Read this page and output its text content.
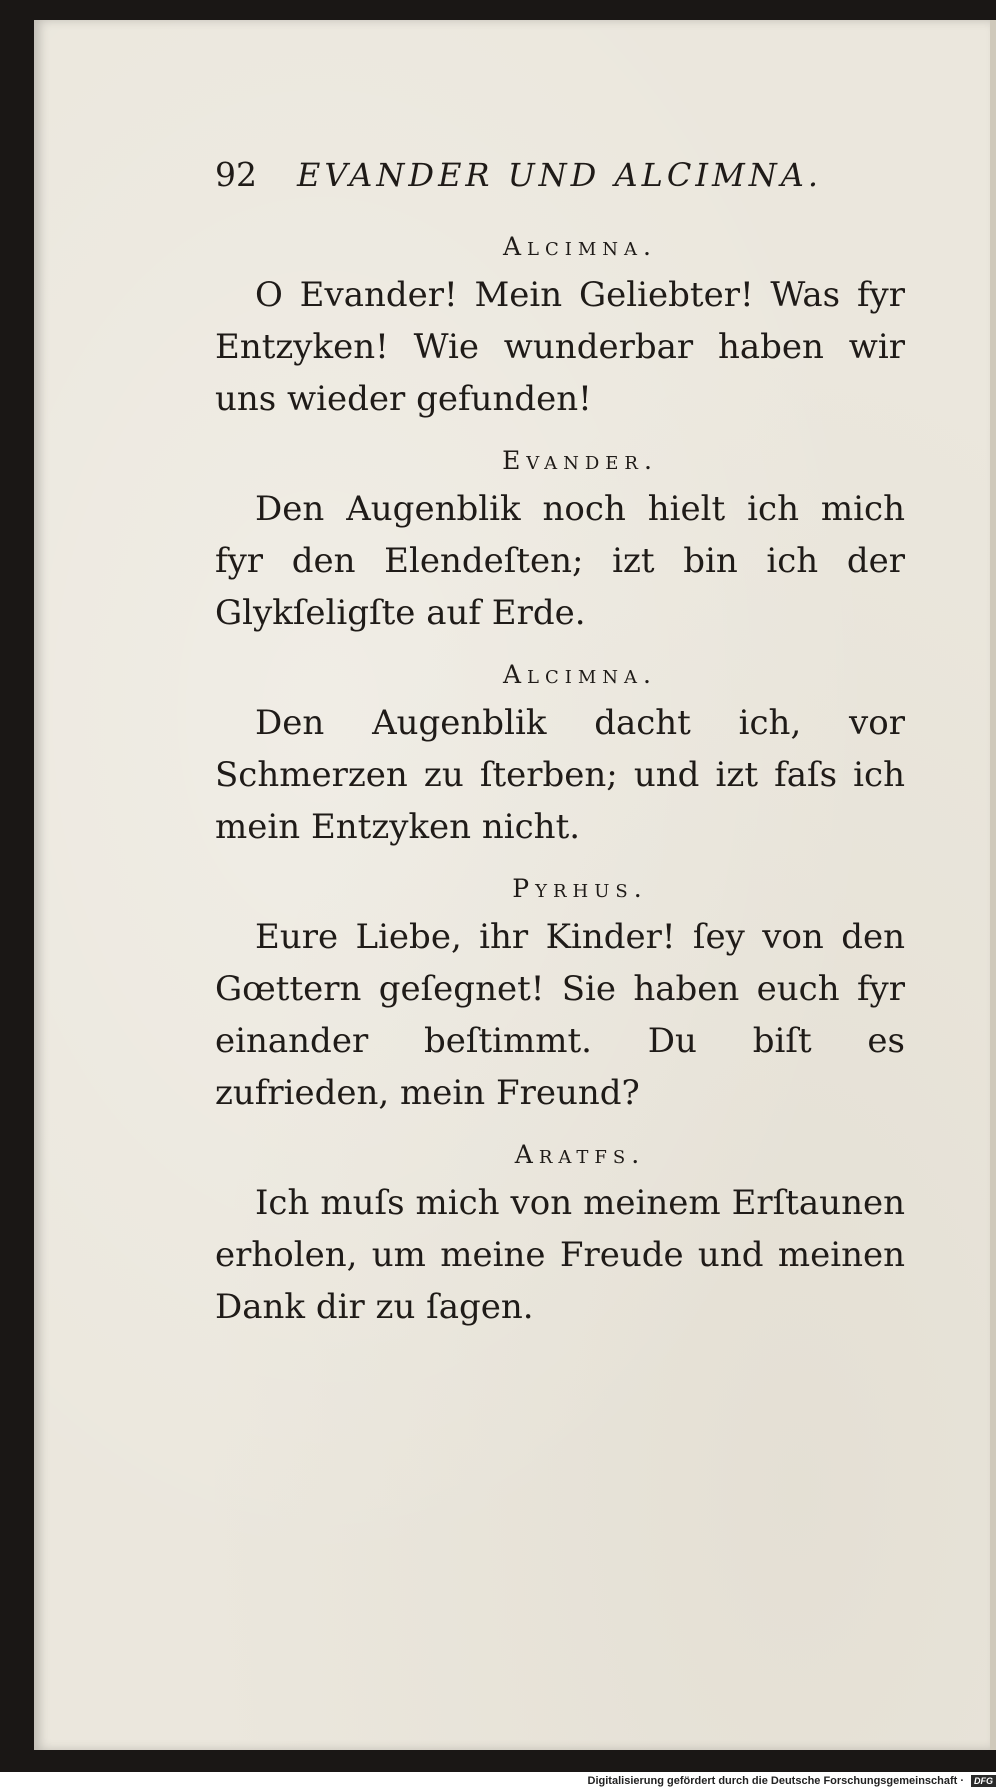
92 EVANDER UND ALCIMNA.
Alcimna.
O Evander! Mein Geliebter! Was fyr Entzyken! Wie wunderbar haben wir uns wieder gefunden!
Evander.
Den Augenblik noch hielt ich mich fyr den Elendeſten; izt bin ich der Glykſeligſte auf Erde.
Alcimna.
Den Augenblik dacht ich, vor Schmerzen zu ſterben; und izt faſs ich mein Entzyken nicht.
Pyrhus.
Eure Liebe, ihr Kinder! ſey von den Gœttern geſegnet! Sie haben euch fyr einander beſtimmt. Du biſt es zufrieden, mein Freund?
Aratfs.
Ich muſs mich von meinem Erſtaunen erholen, um meine Freude und meinen Dank dir zu ſagen.
Digitalisierung gefördert durch die Deutsche Forschungsgemeinschaft ·	DFG
